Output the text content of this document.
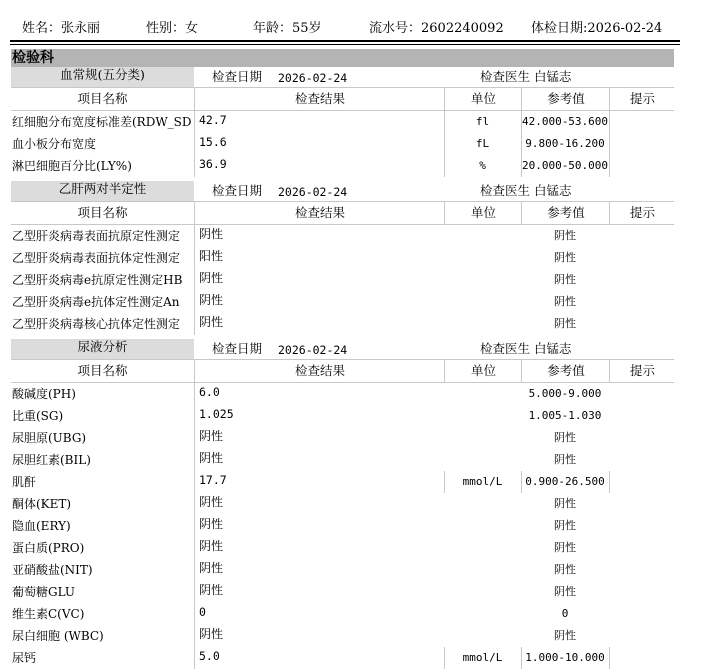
姓名：张永丽	性别：女	年龄：55岁	流水号：2602240092 体检日期:2026-02-24
检验科
血常规(五分类)	检查日期 2026-02-24	检查医生 白锰志
项目名称	检查结果	单位	参考值	提示
红细胞分布宽度标准差(RDW_SD 42.7	fl	42.000-53.600
血小板分布宽度	15.6	fL	9.800-16.200
淋巴细胞百分比(LY%)	36.9	%	20.000-50.000
乙肝两对半定性	检查日期 2026-02-24	检查医生 白锰志
项目名称	检查结果	单位	参考值	提示
乙型肝炎病毒表面抗原定性测定	阴性	阴性
乙型肝炎病毒表面抗体定性测定	阳性	阴性
乙型肝炎病毒e抗原定性测定HB	阴性	阴性
乙型肝炎病毒e抗体定性测定An	阴性	阴性
乙型肝炎病毒核心抗体定性测定	阴性	阴性
尿液分析	检查日期 2026-02-24	检查医生 白锰志
项目名称	检查结果	单位	参考值	提示
酸碱度(PH)	6.0	5.000-9.000
比重(SG)	1.025	1.005-1.030
尿胆原(UBG)	阴性	阴性
尿胆红素(BIL)	阴性	阴性
肌酐	17.7	mmol/L	0.900-26.500
酮体(KET)	阴性	阴性
隐血(ERY)	阴性	阴性
蛋白质(PRO)	阴性	阴性
亚硝酸盐(NIT)	阴性	阴性
葡萄糖GLU	阴性	阴性
维生素C(VC)	0	0
尿白细胞 (WBC)	阴性	阴性
尿钙	5.0	mmol/L	1.000-10.000
